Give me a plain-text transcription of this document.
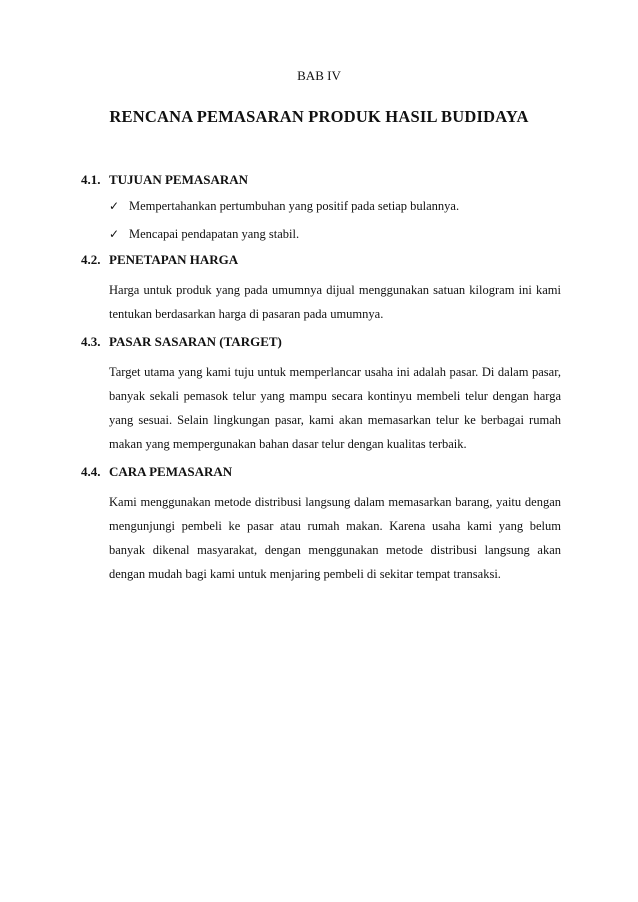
BAB IV
RENCANA PEMASARAN PRODUK HASIL BUDIDAYA
4.1. TUJUAN PEMASARAN
✓ Mempertahankan pertumbuhan yang positif pada setiap bulannya.
✓ Mencapai pendapatan yang stabil.
4.2. PENETAPAN HARGA
Harga untuk produk yang pada umumnya dijual menggunakan satuan kilogram ini kami tentukan berdasarkan harga di pasaran pada umumnya.
4.3. PASAR SASARAN (TARGET)
Target utama yang kami tuju untuk memperlancar usaha ini adalah pasar. Di dalam pasar, banyak sekali pemasok telur yang mampu secara kontinyu membeli telur dengan harga yang sesuai. Selain lingkungan pasar, kami akan memasarkan telur ke berbagai rumah makan yang mempergunakan bahan dasar telur dengan kualitas terbaik.
4.4. CARA PEMASARAN
Kami menggunakan metode distribusi langsung dalam memasarkan barang, yaitu dengan mengunjungi pembeli ke pasar atau rumah makan. Karena usaha kami yang belum banyak dikenal masyarakat, dengan menggunakan metode distribusi langsung akan dengan mudah bagi kami untuk menjaring pembeli di sekitar tempat transaksi.
